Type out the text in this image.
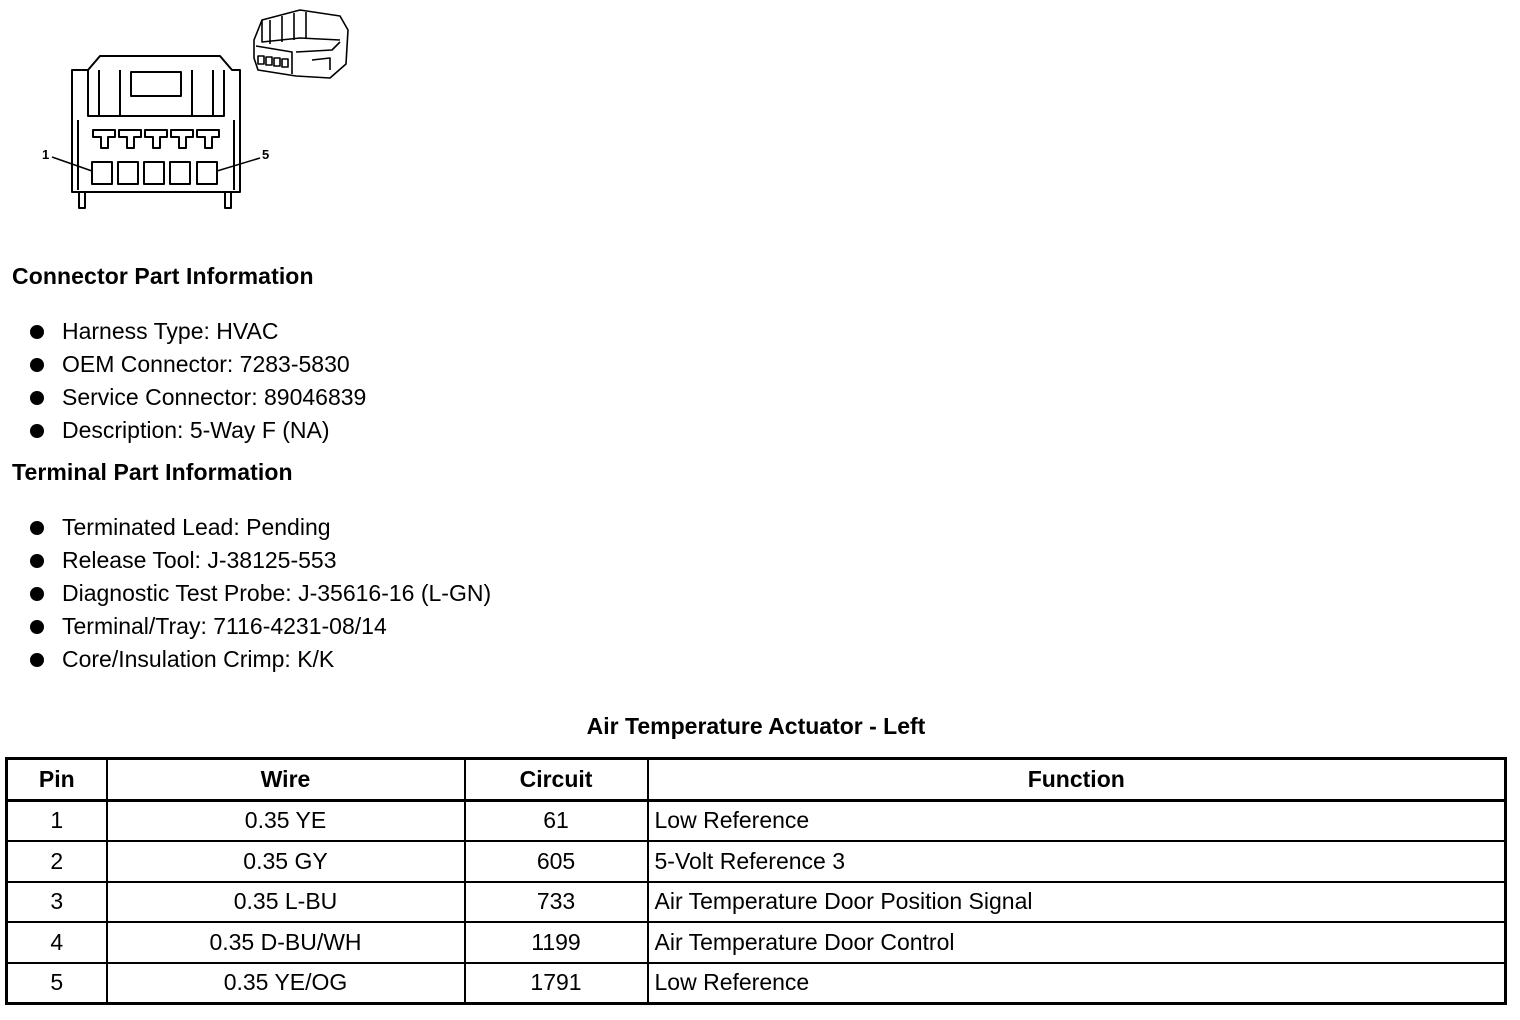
1	5
Connector Part Information
Harness Type: HVAC
OEM Connector: 7283-5830
Service Connector: 89046839
Description: 5-Way F (NA)
Terminal Part Information
Terminated Lead: Pending
Release Tool: J-38125-553
Diagnostic Test Probe: J-35616-16 (L-GN)
Terminal/Tray: 7116-4231-08/14
Core/Insulation Crimp: K/K
Air Temperature Actuator - Left
Pin	Wire	Circuit	Function
1	0.35 YE	61	Low Reference
2	0.35 GY	605	5-Volt Reference 3
3	0.35 L-BU	733	Air Temperature Door Position Signal
4	0.35 D-BU/WH	1199	Air Temperature Door Control
5	0.35 YE/OG	1791	Low Reference
